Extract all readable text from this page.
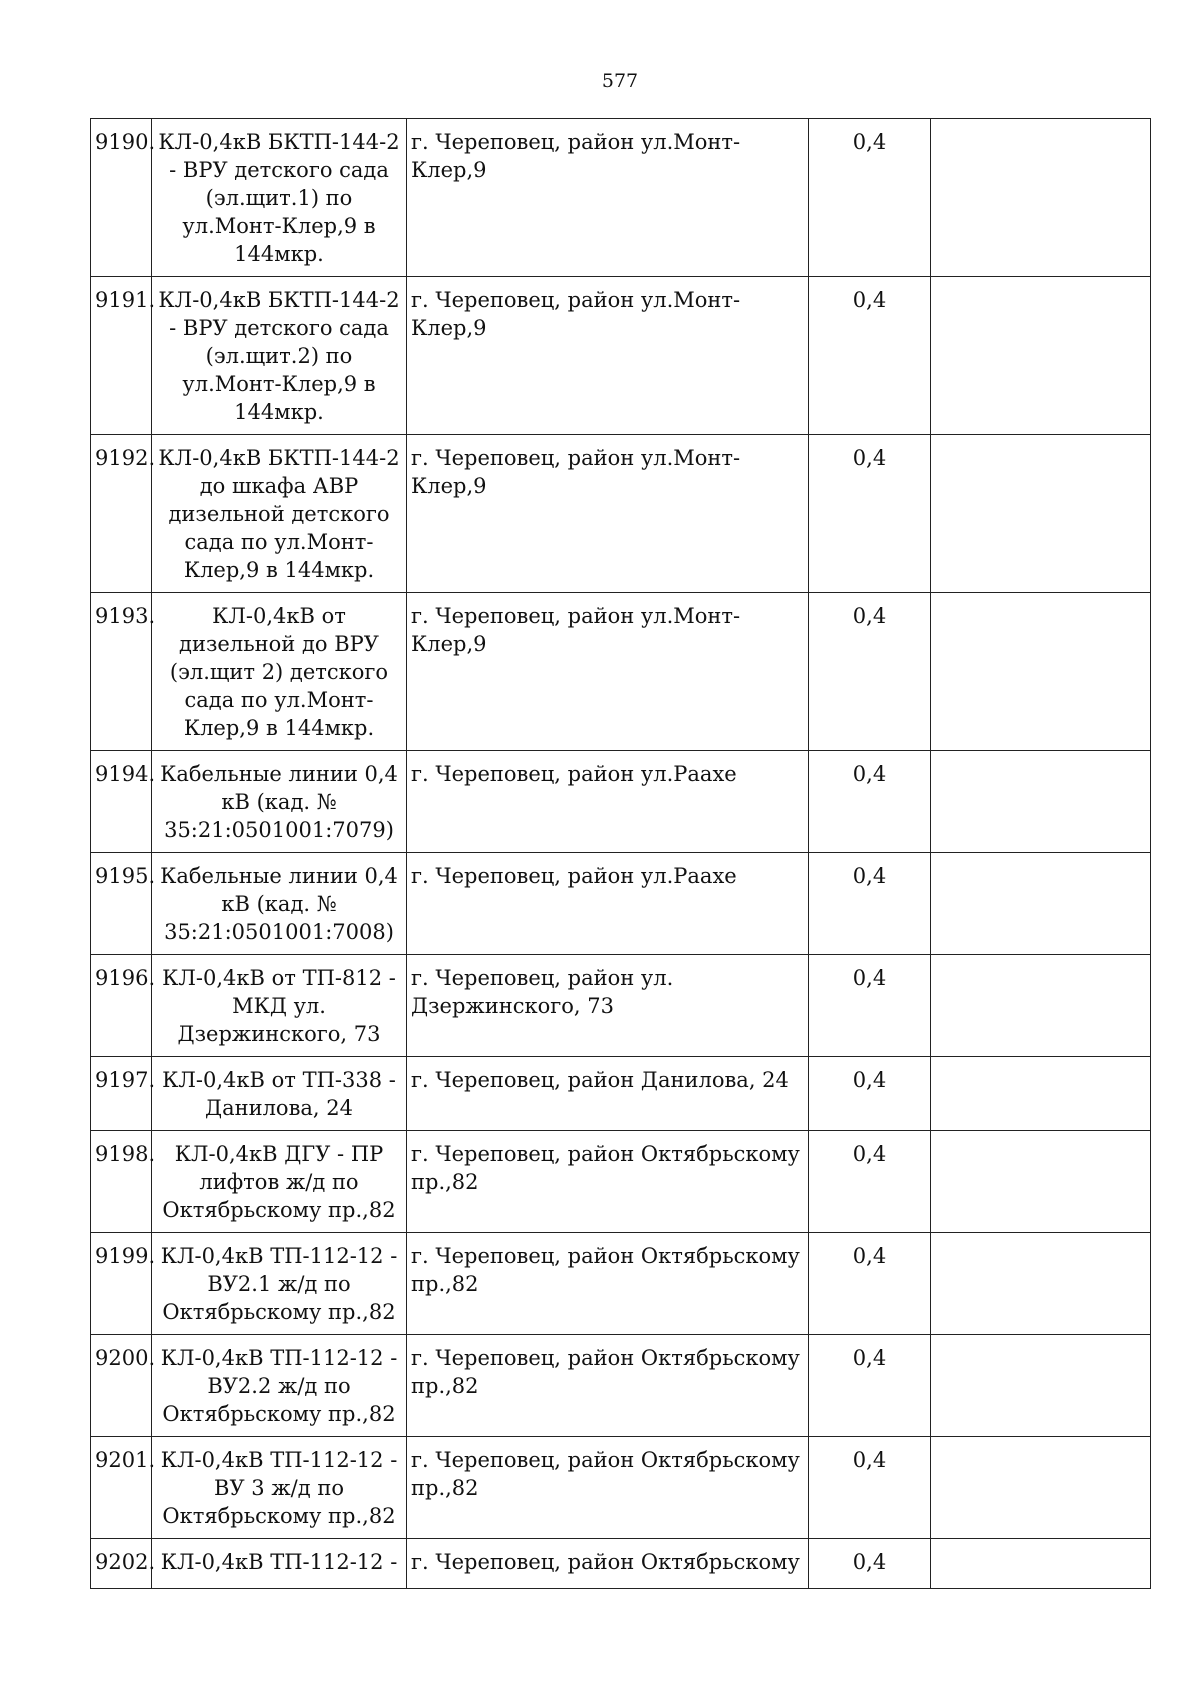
577
9190.	КЛ-0,4кВ БКТП-144-2 - ВРУ детского сада (эл.щит.1) по ул.Монт-Клер,9 в 144мкр.	г. Череповец, район ул.Монт-Клер,9	0,4	
9191.	КЛ-0,4кВ БКТП-144-2 - ВРУ детского сада (эл.щит.2) по ул.Монт-Клер,9 в 144мкр.	г. Череповец, район ул.Монт-Клер,9	0,4	
9192.	КЛ-0,4кВ БКТП-144-2 до шкафа АВР дизельной детского сада по ул.Монт-Клер,9 в 144мкр.	г. Череповец, район ул.Монт-Клер,9	0,4	
9193.	КЛ-0,4кВ от дизельной до ВРУ (эл.щит 2) детского сада по ул.Монт-Клер,9 в 144мкр.	г. Череповец, район ул.Монт-Клер,9	0,4	
9194.	Кабельные линии 0,4 кВ (кад. № 35:21:0501001:7079)	г. Череповец, район ул.Раахе	0,4	
9195.	Кабельные линии 0,4 кВ (кад. № 35:21:0501001:7008)	г. Череповец, район ул.Раахе	0,4	
9196.	КЛ-0,4кВ от ТП-812 - МКД ул. Дзержинского, 73	г. Череповец, район ул. Дзержинского, 73	0,4	
9197.	КЛ-0,4кВ от ТП-338 - Данилова, 24	г. Череповец, район Данилова, 24	0,4	
9198.	КЛ-0,4кВ ДГУ - ПР лифтов ж/д по Октябрьскому пр.,82	г. Череповец, район Октябрьскому пр.,82	0,4	
9199.	КЛ-0,4кВ ТП-112-12 - ВУ2.1 ж/д по Октябрьскому пр.,82	г. Череповец, район Октябрьскому пр.,82	0,4	
9200.	КЛ-0,4кВ ТП-112-12 - ВУ2.2 ж/д по Октябрьскому пр.,82	г. Череповец, район Октябрьскому пр.,82	0,4	
9201.	КЛ-0,4кВ ТП-112-12 - ВУ 3 ж/д по Октябрьскому пр.,82	г. Череповец, район Октябрьскому пр.,82	0,4	
9202.	КЛ-0,4кВ ТП-112-12 -	г. Череповец, район Октябрьскому	0,4	
